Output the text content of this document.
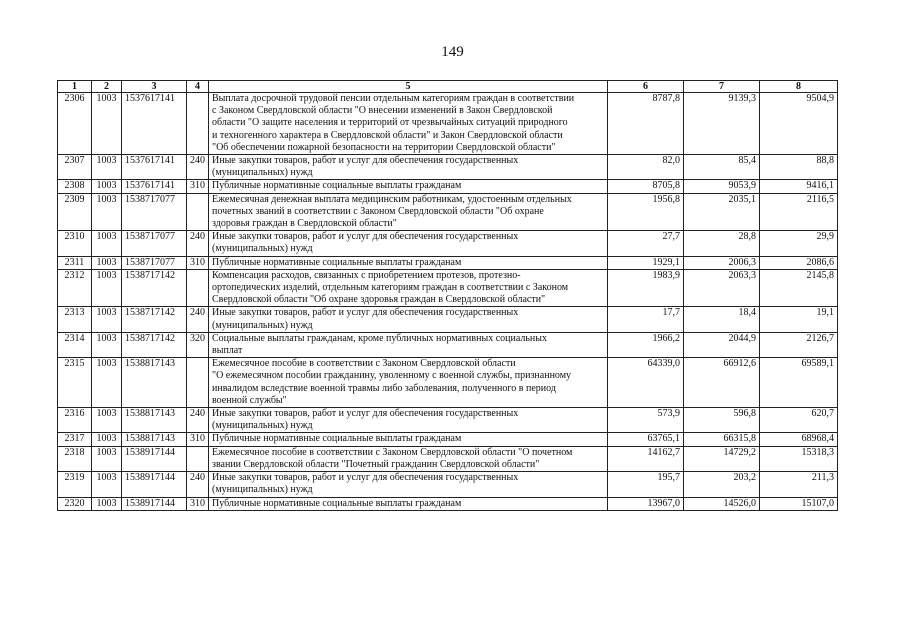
149
1	2	3	4	5	6	7	8
2306	1003	1537617141		Выплата досрочной трудовой пенсии отдельным категориям граждан в соответствии
с Законом Свердловской области "О внесении изменений в Закон Свердловской
области "О защите населения и территорий от чрезвычайных ситуаций природного
и техногенного характера в Свердловской области" и Закон Свердловской области
"Об обеспечении пожарной безопасности на территории Свердловской области"	8787,8	9139,3	9504,9
2307	1003	1537617141	240	Иные закупки товаров, работ и услуг для обеспечения государственных
(муниципальных) нужд	82,0	85,4	88,8
2308	1003	1537617141	310	Публичные нормативные социальные выплаты гражданам	8705,8	9053,9	9416,1
2309	1003	1538717077		Ежемесячная денежная выплата медицинским работникам, удостоенным отдельных
почетных званий в соответствии с Законом Свердловской области "Об охране
здоровья граждан в Свердловской области"	1956,8	2035,1	2116,5
2310	1003	1538717077	240	Иные закупки товаров, работ и услуг для обеспечения государственных
(муниципальных) нужд	27,7	28,8	29,9
2311	1003	1538717077	310	Публичные нормативные социальные выплаты гражданам	1929,1	2006,3	2086,6
2312	1003	1538717142		Компенсация расходов, связанных с приобретением протезов, протезно-
ортопедических изделий, отдельным категориям граждан в соответствии с Законом
Свердловской области "Об охране здоровья граждан в Свердловской области"	1983,9	2063,3	2145,8
2313	1003	1538717142	240	Иные закупки товаров, работ и услуг для обеспечения государственных
(муниципальных) нужд	17,7	18,4	19,1
2314	1003	1538717142	320	Социальные выплаты гражданам, кроме публичных нормативных социальных
выплат	1966,2	2044,9	2126,7
2315	1003	1538817143		Ежемесячное пособие в соответствии с Законом Свердловской области
"О ежемесячном пособии гражданину, уволенному с военной службы, признанному
инвалидом вследствие военной травмы либо заболевания, полученного в период
военной службы"	64339,0	66912,6	69589,1
2316	1003	1538817143	240	Иные закупки товаров, работ и услуг для обеспечения государственных
(муниципальных) нужд	573,9	596,8	620,7
2317	1003	1538817143	310	Публичные нормативные социальные выплаты гражданам	63765,1	66315,8	68968,4
2318	1003	1538917144		Ежемесячное пособие в соответствии с Законом Свердловской области "О почетном
звании Свердловской области "Почетный гражданин Свердловской области"	14162,7	14729,2	15318,3
2319	1003	1538917144	240	Иные закупки товаров, работ и услуг для обеспечения государственных
(муниципальных) нужд	195,7	203,2	211,3
2320	1003	1538917144	310	Публичные нормативные социальные выплаты гражданам	13967,0	14526,0	15107,0
